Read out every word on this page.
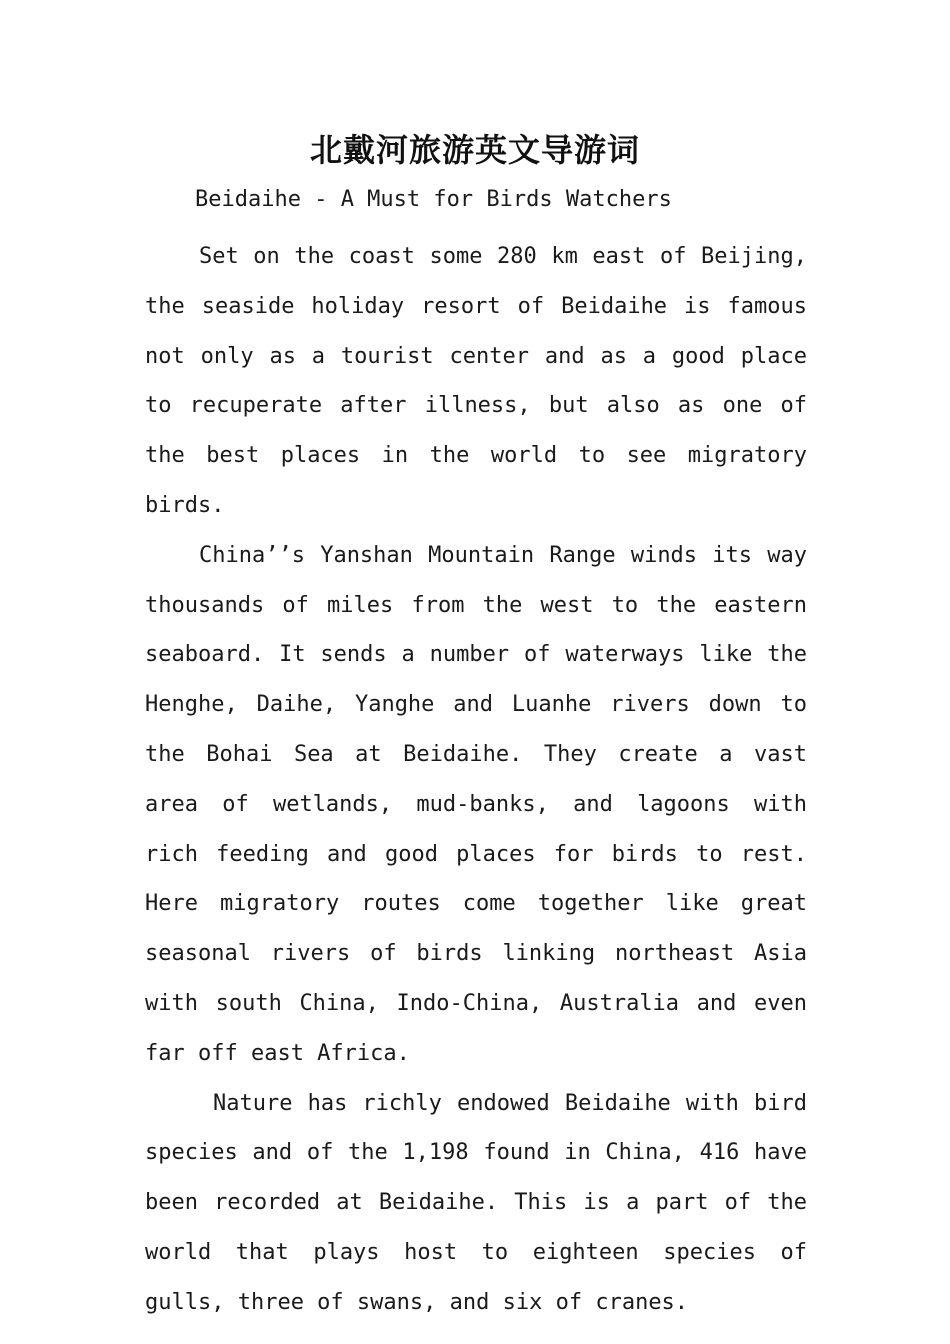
北戴河旅游英文导游词
Beidaihe - A Must for Birds Watchers

Set on the coast some 280 km east of Beijing, the seaside holiday resort of Beidaihe is famous not only as a tourist center and as a good place to recuperate after illness, but also as one of the best places in the world to see migratory birds.

China’’s Yanshan Mountain Range winds its way thousands of miles from the west to the eastern seaboard. It sends a number of waterways like the Henghe, Daihe, Yanghe and Luanhe rivers down to the Bohai Sea at Beidaihe. They create a vast area of wetlands, mud-banks, and lagoons with rich feeding and good places for birds to rest. Here migratory routes come together like great seasonal rivers of birds linking northeast Asia with south China, Indo-China, Australia and even far off east Africa.

Nature has richly endowed Beidaihe with bird species and of the 1,198 found in China, 416 have been recorded at Beidaihe. This is a part of the world that plays host to eighteen species of gulls, three of swans, and six of cranes.
